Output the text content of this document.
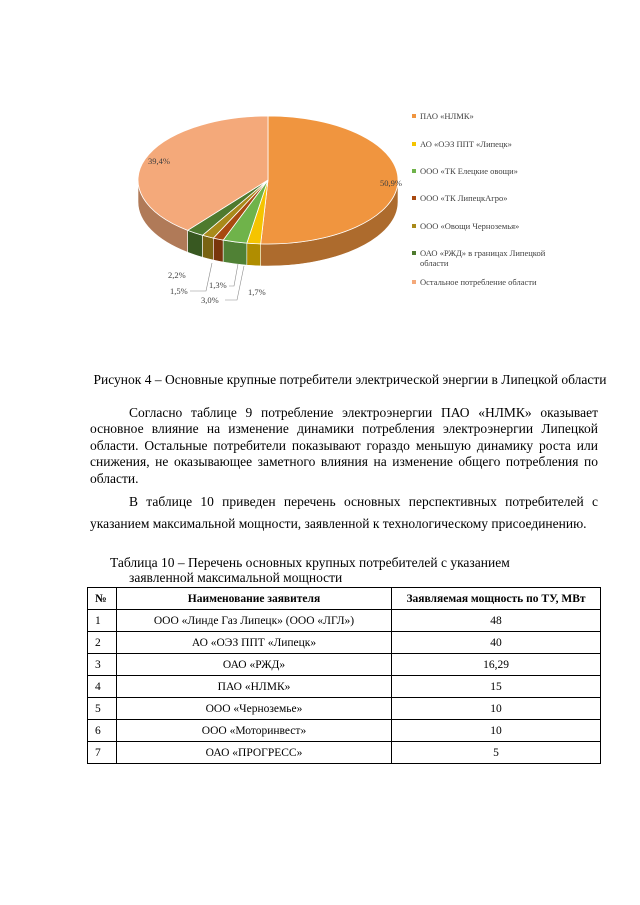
50,9%
1,7%
3,0%
1,3%
1,5%
2,2%
39,4%
ПАО «НЛМК»
АО «ОЭЗ ППТ «Липецк»
ООО «ТК Елецкие овощи»
ООО «ТК ЛипецкАгро»
ООО «Овощи Черноземья»
ОАО «РЖД» в границах Липецкой области
Остальное потребление области
Рисунок 4 – Основные крупные потребители электрической энергии в Липецкой области
Согласно таблице 9 потребление электроэнергии ПАО «НЛМК» оказывает основное влияние на изменение динамики потребления электроэнергии Липецкой области. Остальные потребители показывают гораздо меньшую динамику роста или снижения, не оказывающее заметного влияния на изменение общего потребления по области.
В таблице 10 приведен перечень основных перспективных потребителей с указанием максимальной мощности, заявленной к технологическому присоединению.
Таблица 10 – Перечень основных крупных потребителей с указанием
заявленной максимальной мощности
№	Наименование заявителя	Заявляемая мощность по ТУ, МВт
1	ООО «Линде Газ Липецк» (ООО «ЛГЛ»)	48
2	АО «ОЭЗ ППТ «Липецк»	40
3	ОАО «РЖД»	16,29
4	ПАО «НЛМК»	15
5	ООО «Черноземье»	10
6	ООО «Моторинвест»	10
7	ОАО «ПРОГРЕСС»	5
